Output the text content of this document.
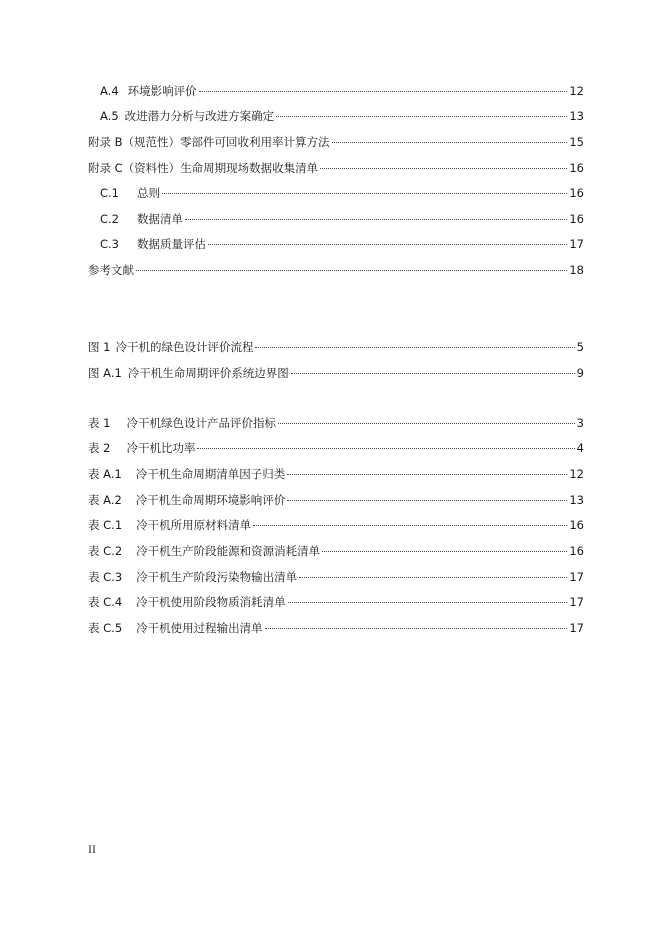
A.4 环境影响评价	12
A.5 改进潜力分析与改进方案确定	13
附录 B（规范性）零部件可回收利用率计算方法	15
附录 C（资料性）生命周期现场数据收集清单	16
C.1 总则	16
C.2 数据清单	16
C.3 数据质量评估	17
参考文献	18
图 1 冷干机的绿色设计评价流程	5
图 A.1 冷干机生命周期评价系统边界图	9
表 1 冷干机绿色设计产品评价指标	3
表 2 冷干机比功率	4
表 A.1 冷干机生命周期清单因子归类	12
表 A.2 冷干机生命周期环境影响评价	13
表 C.1 冷干机所用原材料清单	16
表 C.2 冷干机生产阶段能源和资源消耗清单	16
表 C.3 冷干机生产阶段污染物输出清单	17
表 C.4 冷干机使用阶段物质消耗清单	17
表 C.5 冷干机使用过程输出清单	17
II
